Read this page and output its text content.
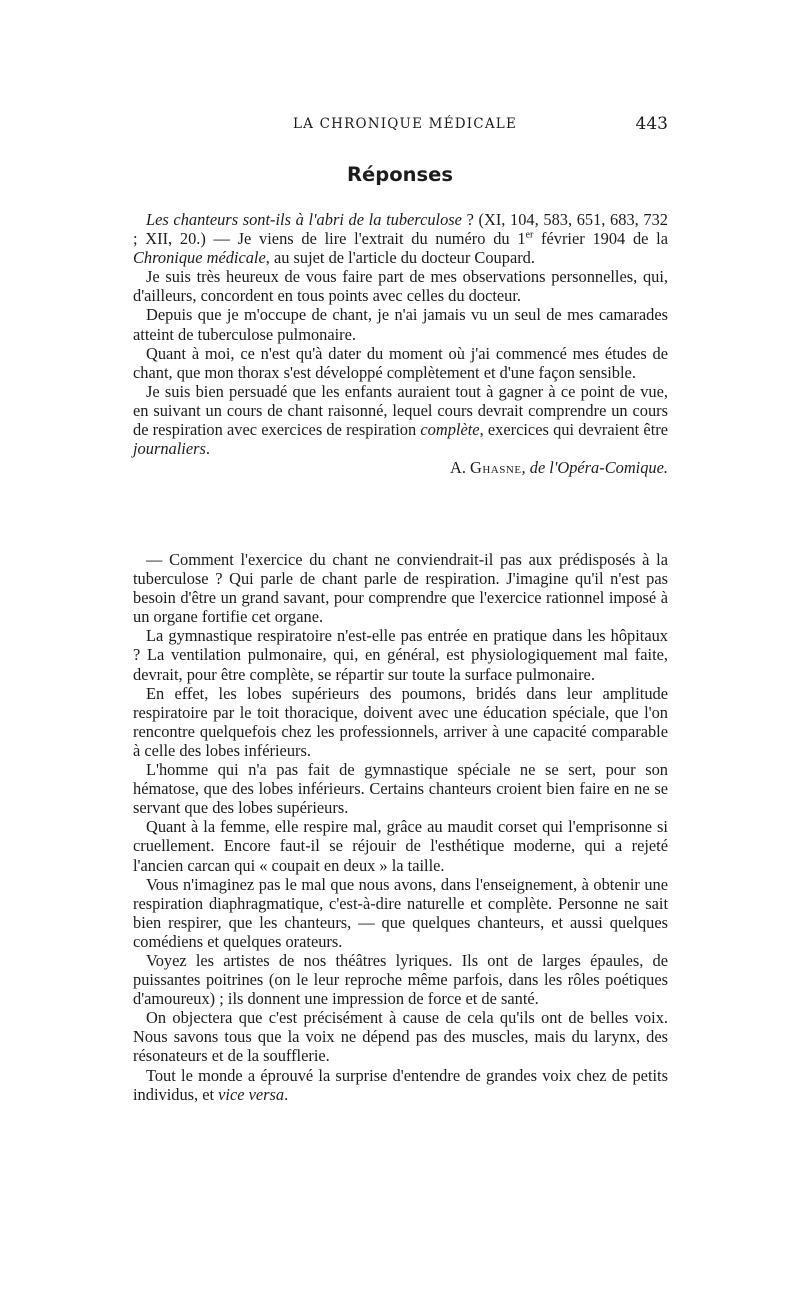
LA CHRONIQUE MÉDICALE	443
Réponses

Les chanteurs sont-ils à l'abri de la tuberculose ? (XI, 104, 583, 651, 683, 732 ; XII, 20.) — Je viens de lire l'extrait du numéro du 1er février 1904 de la Chronique médicale, au sujet de l'article du docteur Coupard.

Je suis très heureux de vous faire part de mes observations personnelles, qui, d'ailleurs, concordent en tous points avec celles du docteur.

Depuis que je m'occupe de chant, je n'ai jamais vu un seul de mes camarades atteint de tuberculose pulmonaire.

Quant à moi, ce n'est qu'à dater du moment où j'ai commencé mes études de chant, que mon thorax s'est développé complètement et d'une façon sensible.

Je suis bien persuadé que les enfants auraient tout à gagner à ce point de vue, en suivant un cours de chant raisonné, lequel cours devrait comprendre un cours de respiration avec exercices de respiration complète, exercices qui devraient être journaliers.

A. Ghasne, de l'Opéra-Comique.

— Comment l'exercice du chant ne conviendrait-il pas aux prédisposés à la tuberculose ? Qui parle de chant parle de respiration. J'imagine qu'il n'est pas besoin d'être un grand savant, pour comprendre que l'exercice rationnel imposé à un organe fortifie cet organe.

La gymnastique respiratoire n'est-elle pas entrée en pratique dans les hôpitaux ? La ventilation pulmonaire, qui, en général, est physiologiquement mal faite, devrait, pour être complète, se répartir sur toute la surface pulmonaire.

En effet, les lobes supérieurs des poumons, bridés dans leur amplitude respiratoire par le toit thoracique, doivent avec une éducation spéciale, que l'on rencontre quelquefois chez les professionnels, arriver à une capacité comparable à celle des lobes inférieurs.

L'homme qui n'a pas fait de gymnastique spéciale ne se sert, pour son hématose, que des lobes inférieurs. Certains chanteurs croient bien faire en ne se servant que des lobes supérieurs.

Quant à la femme, elle respire mal, grâce au maudit corset qui l'emprisonne si cruellement. Encore faut-il se réjouir de l'esthétique moderne, qui a rejeté l'ancien carcan qui « coupait en deux » la taille.

Vous n'imaginez pas le mal que nous avons, dans l'enseignement, à obtenir une respiration diaphragmatique, c'est-à-dire naturelle et complète. Personne ne sait bien respirer, que les chanteurs, — que quelques chanteurs, et aussi quelques comédiens et quelques orateurs.

Voyez les artistes de nos théâtres lyriques. Ils ont de larges épaules, de puissantes poitrines (on le leur reproche même parfois, dans les rôles poétiques d'amoureux) ; ils donnent une impression de force et de santé.

On objectera que c'est précisément à cause de cela qu'ils ont de belles voix. Nous savons tous que la voix ne dépend pas des muscles, mais du larynx, des résonateurs et de la soufflerie.

Tout le monde a éprouvé la surprise d'entendre de grandes voix chez de petits individus, et vice versa.
